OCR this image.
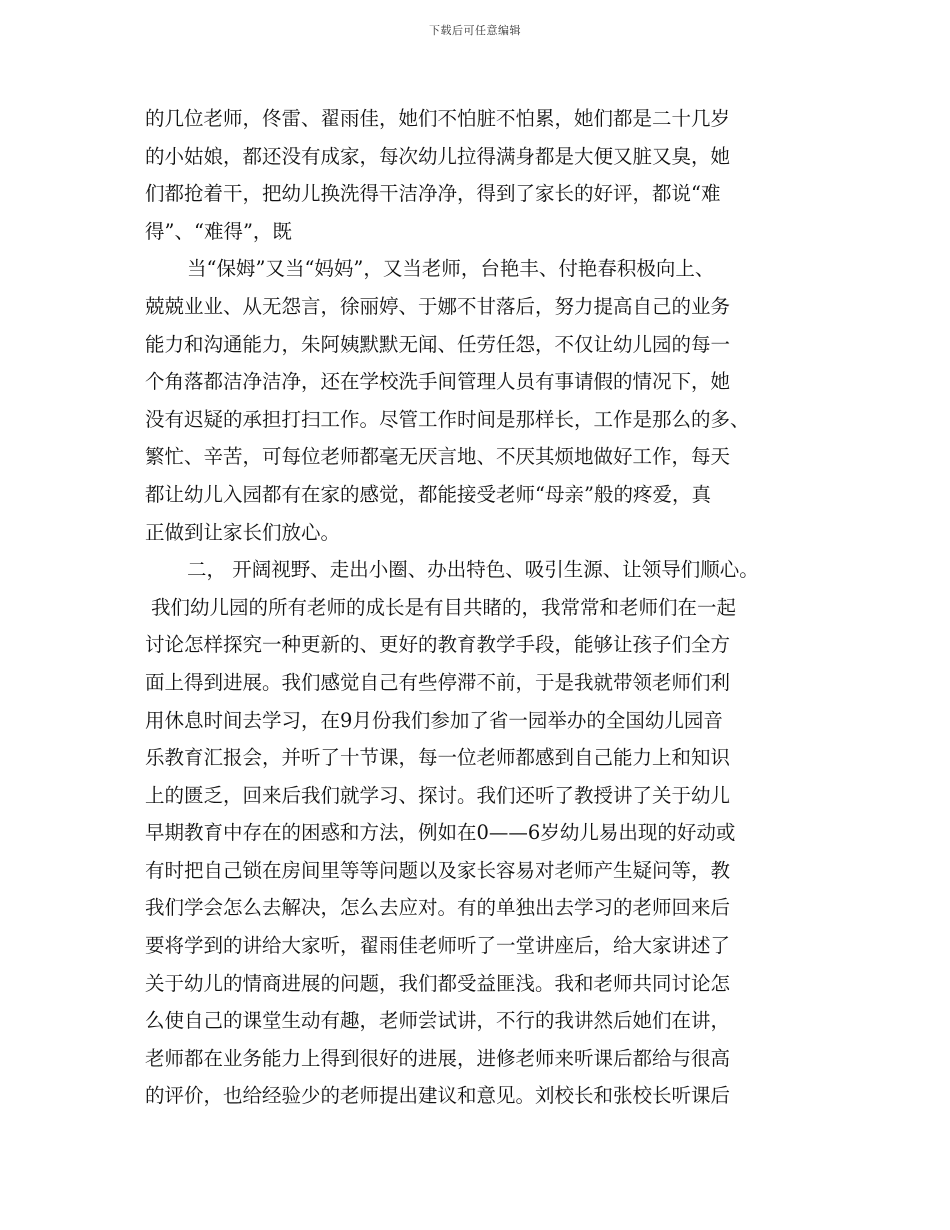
下载后可任意编辑
的几位老师，佟雷、翟雨佳，她们不怕脏不怕累，她们都是二十几岁
的小姑娘，都还没有成家，每次幼儿拉得满身都是大便又脏又臭，她
们都抢着干，把幼儿换洗得干洁净净，得到了家长的好评，都说“难
得”、“难得”，既
当“保姆”又当“妈妈”，又当老师，台艳丰、付艳春积极向上、
兢兢业业、从无怨言，徐丽婷、于娜不甘落后，努力提高自己的业务
能力和沟通能力，朱阿姨默默无闻、任劳任怨，不仅让幼儿园的每一
个角落都洁净洁净，还在学校洗手间管理人员有事请假的情况下，她
没有迟疑的承担打扫工作。尽管工作时间是那样长，工作是那么的多、
繁忙、辛苦，可每位老师都毫无厌言地、不厌其烦地做好工作，每天
都让幼儿入园都有在家的感觉，都能接受老师“母亲”般的疼爱，真
正做到让家长们放心。
二， 开阔视野、走出小圈、办出特色、吸引生源、让领导们顺心。
我们幼儿园的所有老师的成长是有目共睹的，我常常和老师们在一起
讨论怎样探究一种更新的、更好的教育教学手段，能够让孩子们全方
面上得到进展。我们感觉自己有些停滞不前，于是我就带领老师们利
用休息时间去学习，在9月份我们参加了省一园举办的全国幼儿园音
乐教育汇报会，并听了十节课，每一位老师都感到自己能力上和知识
上的匮乏，回来后我们就学习、探讨。我们还听了教授讲了关于幼儿
早期教育中存在的困惑和方法，例如在0——6岁幼儿易出现的好动或
有时把自己锁在房间里等等问题以及家长容易对老师产生疑问等，教
我们学会怎么去解决，怎么去应对。有的单独出去学习的老师回来后
要将学到的讲给大家听，翟雨佳老师听了一堂讲座后，给大家讲述了
关于幼儿的情商进展的问题，我们都受益匪浅。我和老师共同讨论怎
么使自己的课堂生动有趣，老师尝试讲，不行的我讲然后她们在讲，
老师都在业务能力上得到很好的进展，进修老师来听课后都给与很高
的评价，也给经验少的老师提出建议和意见。刘校长和张校长听课后
